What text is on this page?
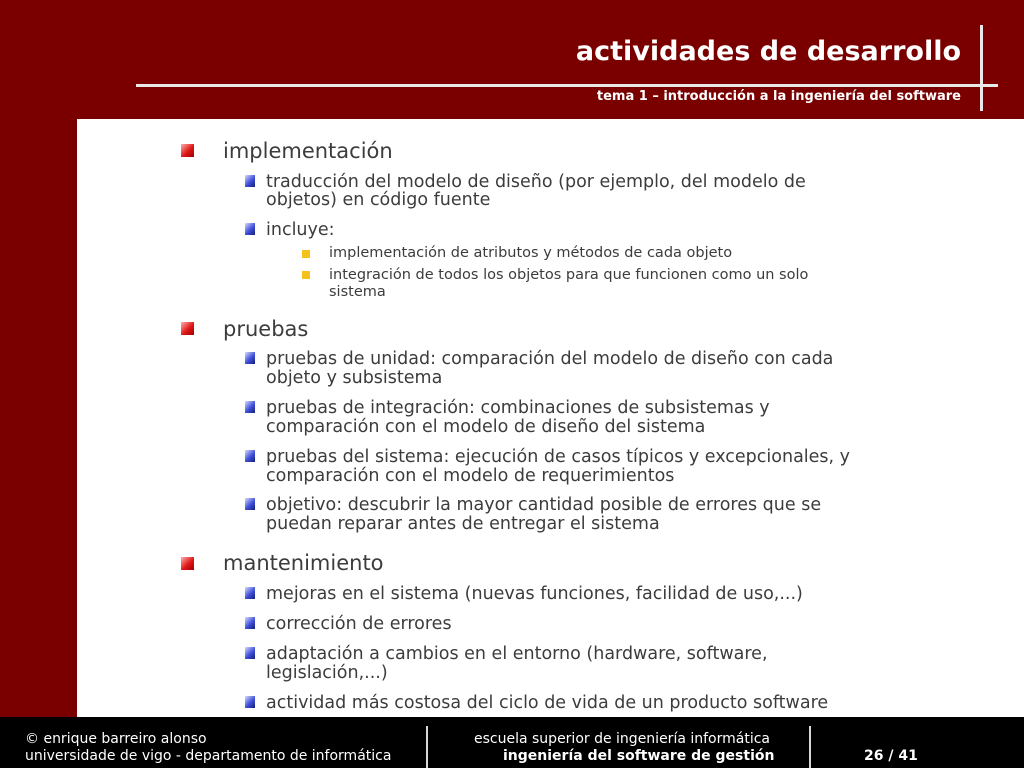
actividades de desarrollo
tema 1 – introducción a la ingeniería del software
implementación
traducción del modelo de diseño (por ejemplo, del modelo de
objetos) en código fuente
incluye:
implementación de atributos y métodos de cada objeto
integración de todos los objetos para que funcionen como un solo
sistema
pruebas
pruebas de unidad: comparación del modelo de diseño con cada
objeto y subsistema
pruebas de integración: combinaciones de subsistemas y
comparación con el modelo de diseño del sistema
pruebas del sistema: ejecución de casos típicos y excepcionales, y
comparación con el modelo de requerimientos
objetivo: descubrir la mayor cantidad posible de errores que se
puedan reparar antes de entregar el sistema
mantenimiento
mejoras en el sistema (nuevas funciones, facilidad de uso,...)
corrección de errores
adaptación a cambios en el entorno (hardware, software,
legislación,...)
actividad más costosa del ciclo de vida de un producto software
© enrique barreiro alonso
universidade de vigo - departamento de informática
escuela superior de ingeniería informática
ingeniería del software de gestión	26 / 41
